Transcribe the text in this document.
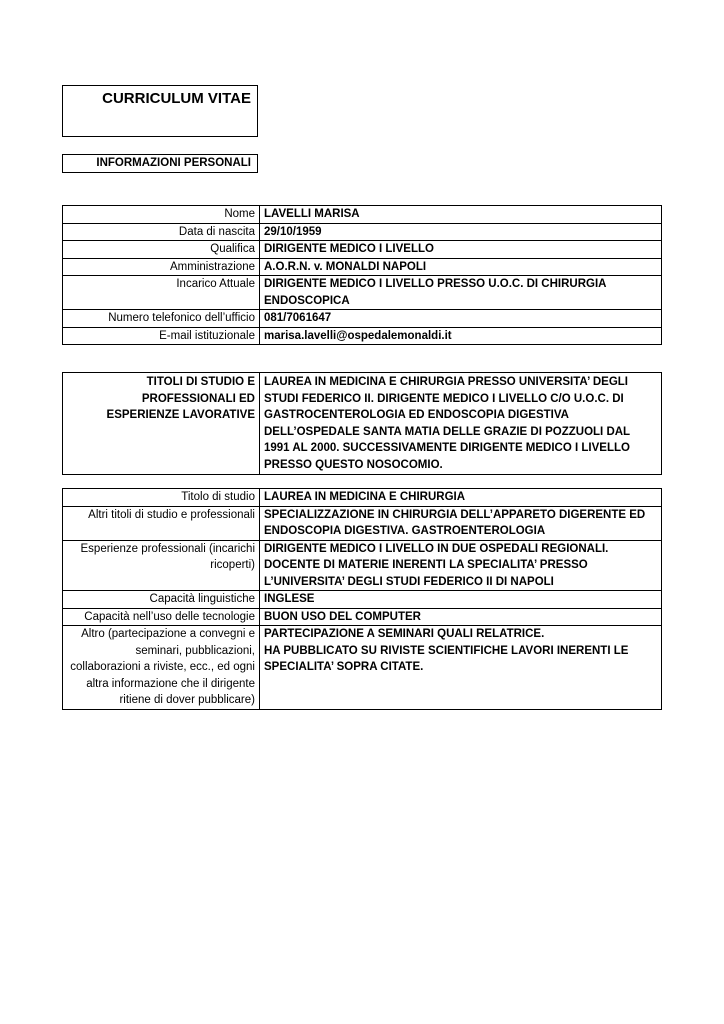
CURRICULUM VITAE
INFORMAZIONI PERSONALI
Nome	LAVELLI MARISA
Data di nascita	29/10/1959
Qualifica	DIRIGENTE MEDICO I LIVELLO
Amministrazione	A.O.R.N. v. MONALDI NAPOLI
Incarico Attuale	DIRIGENTE MEDICO I LIVELLO PRESSO U.O.C. DI CHIRURGIA ENDOSCOPICA
Numero telefonico dell’ufficio	081/7061647
E-mail istituzionale	marisa.lavelli@ospedalemonaldi.it
TITOLI DI STUDIO E PROFESSIONALI ED ESPERIENZE LAVORATIVE	LAUREA IN MEDICINA E CHIRURGIA PRESSO UNIVERSITA’ DEGLI STUDI FEDERICO II. DIRIGENTE MEDICO I LIVELLO C/O U.O.C. DI GASTROCENTEROLOGIA ED ENDOSCOPIA DIGESTIVA DELL’OSPEDALE SANTA MATIA DELLE GRAZIE DI POZZUOLI DAL 1991 AL 2000. SUCCESSIVAMENTE DIRIGENTE MEDICO I LIVELLO PRESSO QUESTO NOSOCOMIO.
Titolo di studio	LAUREA IN MEDICINA E CHIRURGIA
Altri titoli di studio e professionali	SPECIALIZZAZIONE IN CHIRURGIA DELL’APPARETO DIGERENTE ED ENDOSCOPIA DIGESTIVA. GASTROENTEROLOGIA
Esperienze professionali (incarichi ricoperti)	DIRIGENTE MEDICO I LIVELLO IN DUE OSPEDALI REGIONALI. DOCENTE DI MATERIE INERENTI LA SPECIALITA’ PRESSO L’UNIVERSITA’ DEGLI STUDI FEDERICO II DI NAPOLI
Capacità linguistiche	INGLESE
Capacità nell’uso delle tecnologie	BUON USO DEL COMPUTER
Altro (partecipazione a convegni e seminari, pubblicazioni, collaborazioni a riviste, ecc., ed ogni altra informazione che il dirigente ritiene di dover pubblicare)	PARTECIPAZIONE A SEMINARI QUALI RELATRICE.
HA PUBBLICATO SU RIVISTE SCIENTIFICHE LAVORI INERENTI LE SPECIALITA’ SOPRA CITATE.
